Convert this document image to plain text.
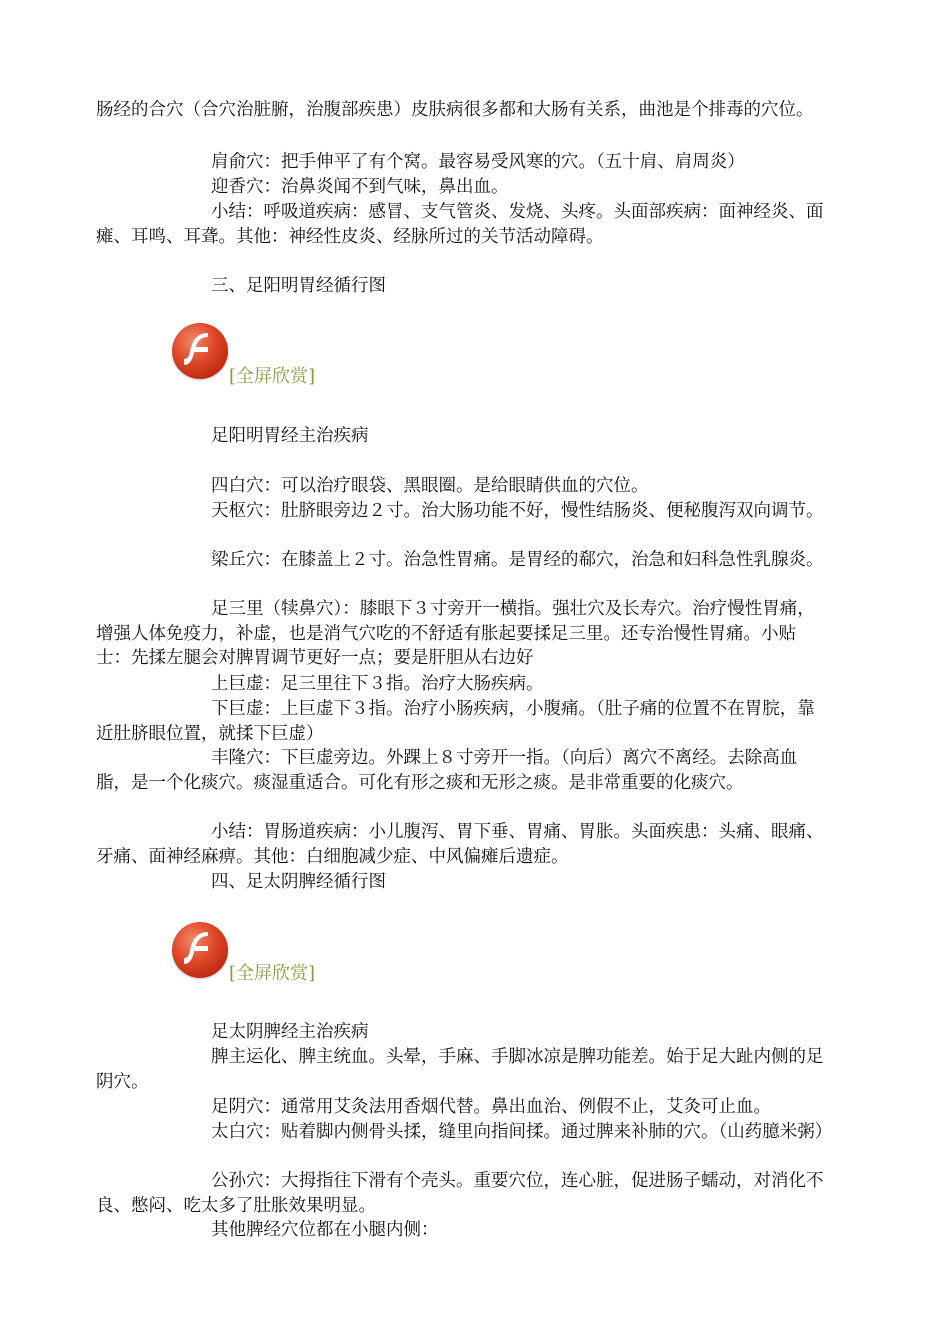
肠经的合穴（合穴治脏腑，治腹部疾患）皮肤病很多都和大肠有关系，曲池是个排毒的穴位。

肩俞穴：把手伸平了有个窝。最容易受风寒的穴。（五十肩、肩周炎）

迎香穴：治鼻炎闻不到气味，鼻出血。

小结：呼吸道疾病：感冒、支气管炎、发烧、头疼。头面部疾病：面神经炎、面瘫、耳鸣、耳聋。其他：神经性皮炎、经脉所过的关节活动障碍。

三、足阳明胃经循行图
[全屏欣赏]
足阳明胃经主治疾病

四白穴：可以治疗眼袋、黑眼圈。是给眼睛供血的穴位。

天枢穴：肚脐眼旁边２寸。治大肠功能不好，慢性结肠炎、便秘腹泻双向调节。

梁丘穴：在膝盖上２寸。治急性胃痛。是胃经的郗穴，治急和妇科急性乳腺炎。

足三里（犊鼻穴）：膝眼下３寸旁开一横指。强壮穴及长寿穴。治疗慢性胃痛，增强人体免疫力，补虚，也是消气穴吃的不舒适有胀起要揉足三里。还专治慢性胃痛。小贴士：先揉左腿会对脾胃调节更好一点；要是肝胆从右边好

上巨虚：足三里往下３指。治疗大肠疾病。

下巨虚：上巨虚下３指。治疗小肠疾病，小腹痛。（肚子痛的位置不在胃脘，靠近肚脐眼位置，就揉下巨虚）

丰隆穴：下巨虚旁边。外踝上８寸旁开一指。（向后）离穴不离经。去除高血脂，是一个化痰穴。痰湿重适合。可化有形之痰和无形之痰。是非常重要的化痰穴。

小结：胃肠道疾病：小儿腹泻、胃下垂、胃痛、胃胀。头面疾患：头痛、眼痛、牙痛、面神经麻痹。其他：白细胞减少症、中风偏瘫后遗症。

四、足太阴脾经循行图
[全屏欣赏]
足太阴脾经主治疾病

脾主运化、脾主统血。头晕，手麻、手脚冰凉是脾功能差。始于足大趾内侧的足阴穴。

足阴穴：通常用艾灸法用香烟代替。鼻出血治、例假不止，艾灸可止血。

太白穴：贴着脚内侧骨头揉，缝里向指间揉。通过脾来补肺的穴。（山药臆米粥）

公孙穴：大拇指往下滑有个壳头。重要穴位，连心脏，促进肠子蠕动，对消化不良、憋闷、吃太多了肚胀效果明显。

其他脾经穴位都在小腿内侧：
